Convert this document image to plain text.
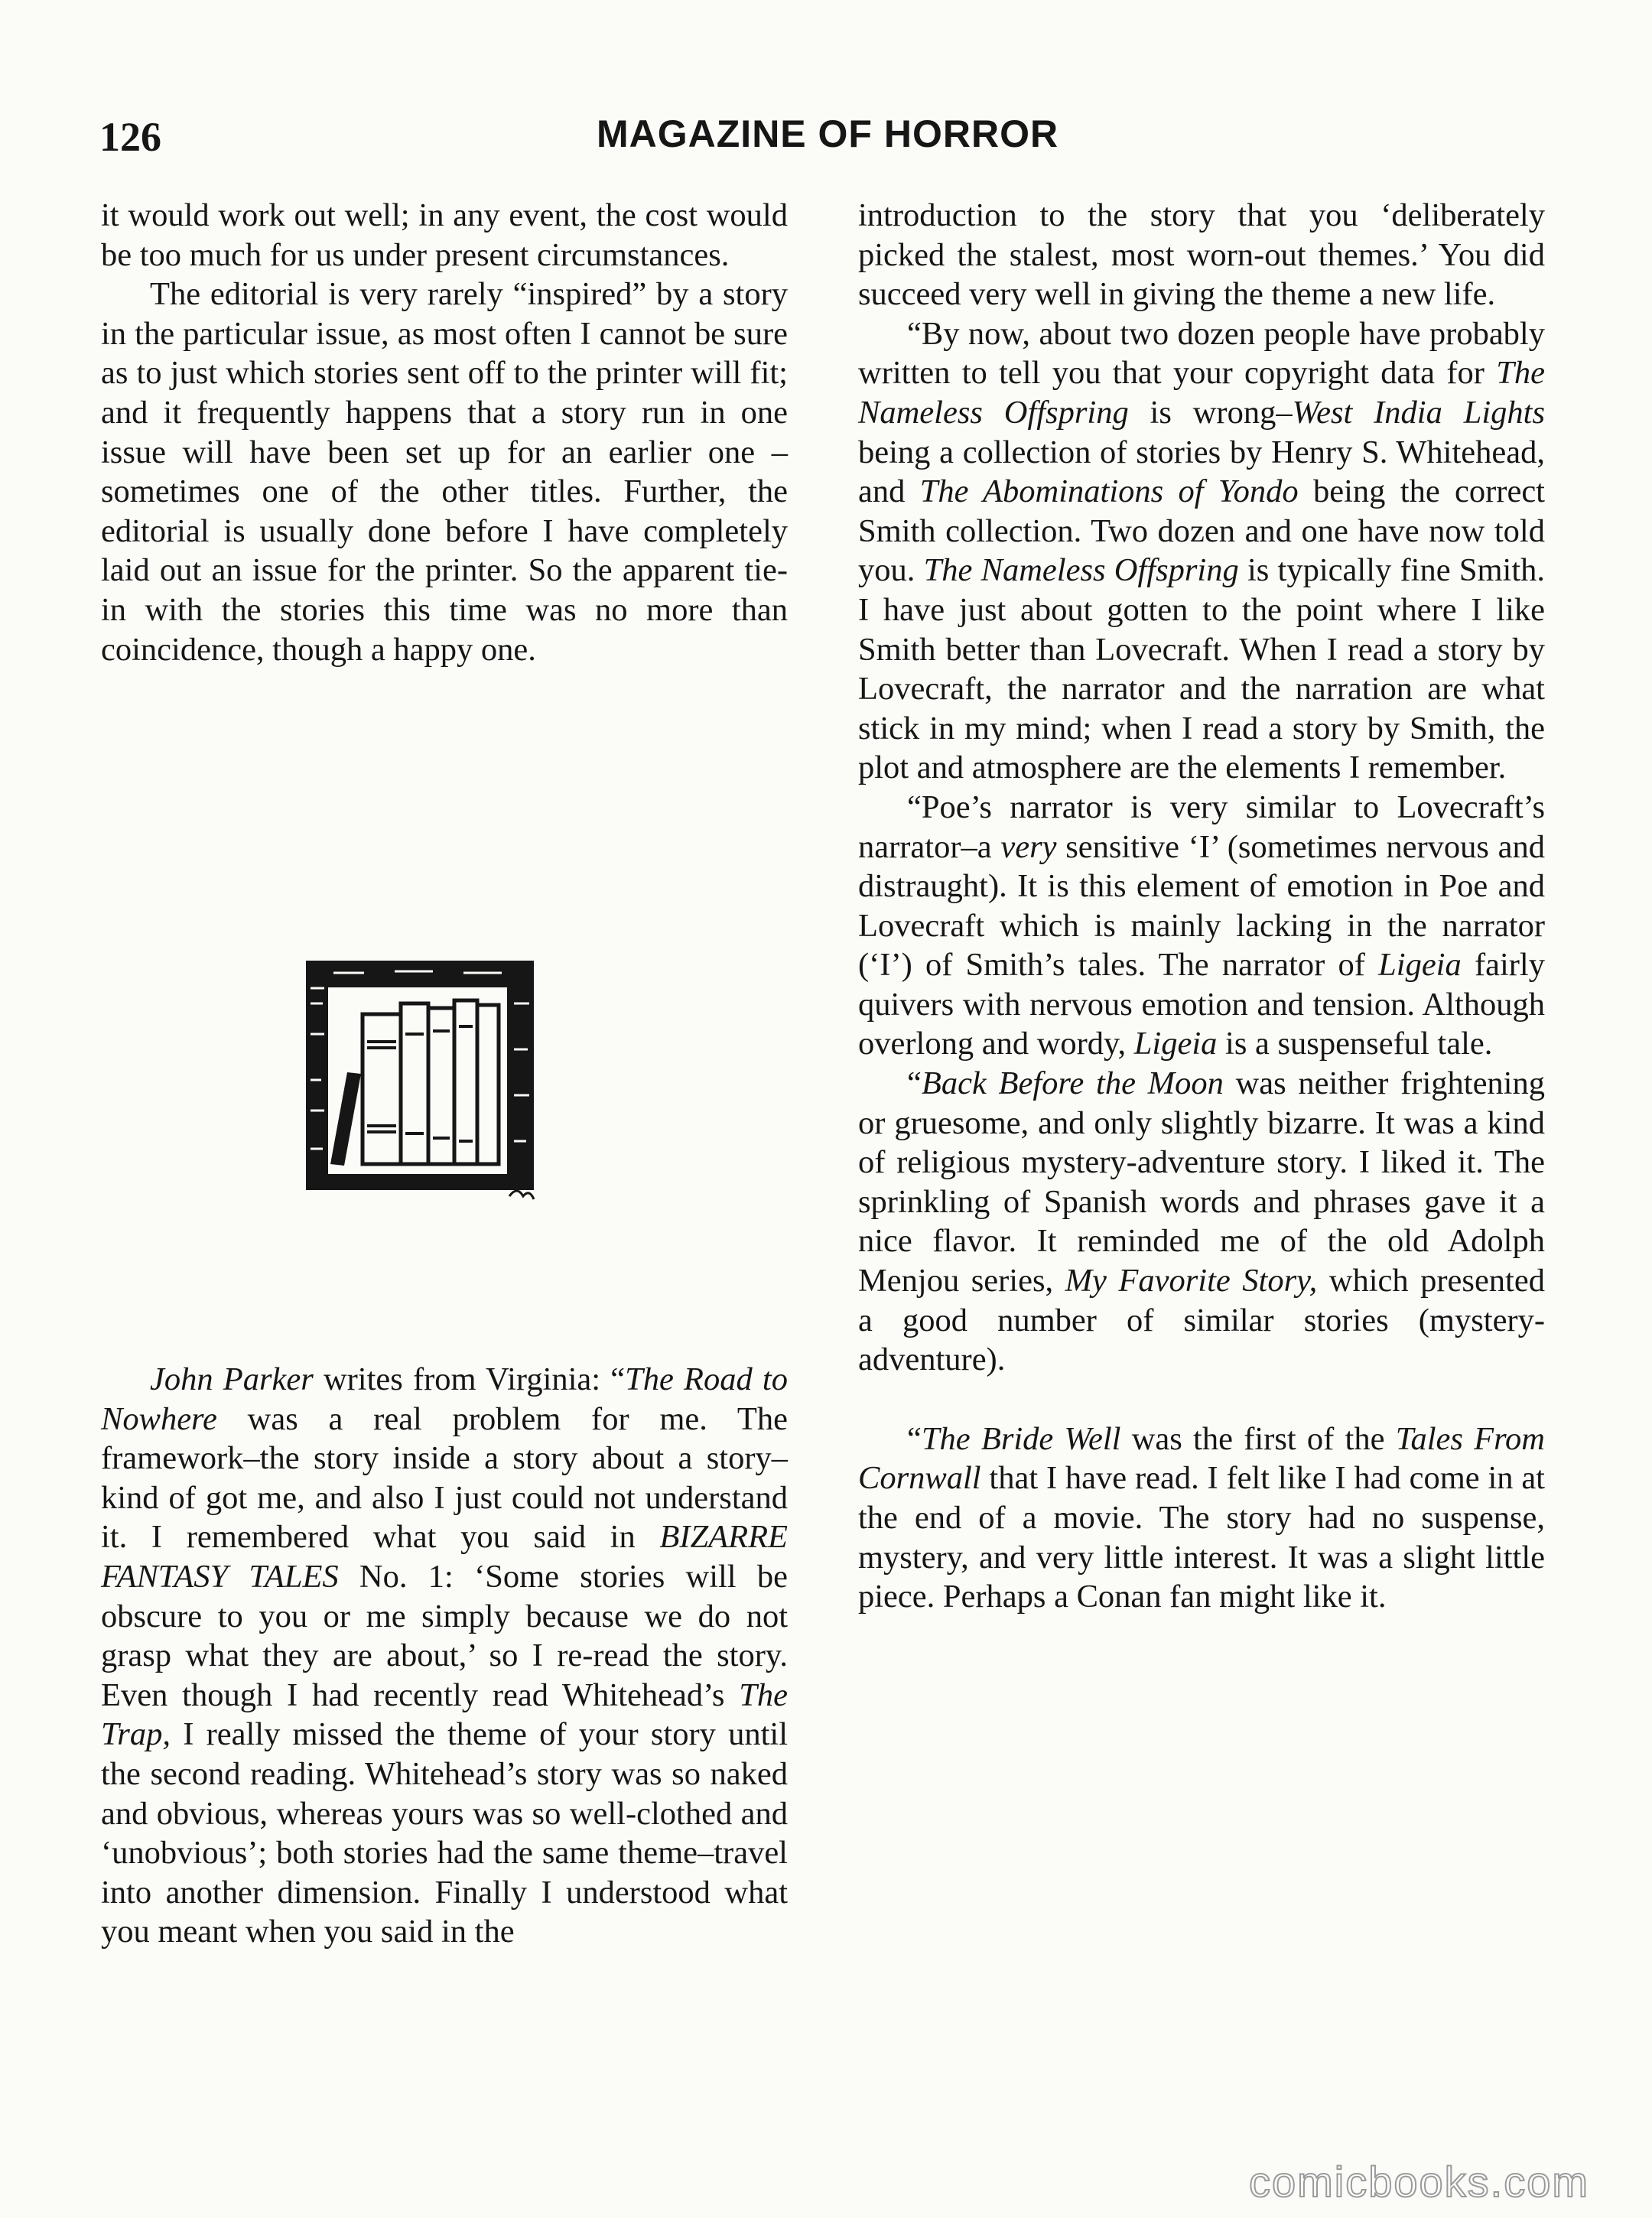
126	MAGAZINE OF HORROR

it would work out well; in any event, the cost would be too much for us under present circumstances.

The editorial is very rarely “inspired” by a story in the particular issue, as most often I cannot be sure as to just which stories sent off to the printer will fit; and it frequently happens that a story run in one issue will have been set up for an earlier one – sometimes one of the other titles. Further, the editorial is usually done before I have completely laid out an issue for the printer. So the apparent tie-in with the stories this time was no more than coincidence, though a happy one.

John Parker writes from Virginia: “The Road to Nowhere was a real problem for me. The framework–the story inside a story about a story–kind of got me, and also I just could not understand it. I remembered what you said in BIZARRE FANTASY TALES No. 1: ‘Some stories will be obscure to you or me simply because we do not grasp what they are about,’ so I re-read the story. Even though I had recently read Whitehead’s The Trap, I really missed the theme of your story until the second reading. Whitehead’s story was so naked and obvious, whereas yours was so well-clothed and ‘unobvious’; both stories had the same theme–travel into another dimension. Finally I understood what you meant when you said in the

introduction to the story that you ‘deliberately picked the stalest, most worn-out themes.’ You did succeed very well in giving the theme a new life.

“By now, about two dozen people have probably written to tell you that your copyright data for The Nameless Offspring is wrong–West India Lights being a collection of stories by Henry S. Whitehead, and The Abominations of Yondo being the correct Smith collection. Two dozen and one have now told you. The Nameless Offspring is typically fine Smith. I have just about gotten to the point where I like Smith better than Lovecraft. When I read a story by Lovecraft, the narrator and the narration are what stick in my mind; when I read a story by Smith, the plot and atmosphere are the elements I remember.

“Poe’s narrator is very similar to Lovecraft’s narrator–a very sensitive ‘I’ (sometimes nervous and distraught). It is this element of emotion in Poe and Lovecraft which is mainly lacking in the narrator (‘I’) of Smith’s tales. The narrator of Ligeia fairly quivers with nervous emotion and tension. Although overlong and wordy, Ligeia is a suspenseful tale.

“Back Before the Moon was neither frightening or gruesome, and only slightly bizarre. It was a kind of religious mystery-adventure story. I liked it. The sprinkling of Spanish words and phrases gave it a nice flavor. It reminded me of the old Adolph Menjou series, My Favorite Story, which presented a good number of similar stories (mystery-adventure).

“The Bride Well was the first of the Tales From Cornwall that I have read. I felt like I had come in at the end of a movie. The story had no suspense, mystery, and very little interest. It was a slight little piece. Perhaps a Conan fan might like it.

comicbooks.com
